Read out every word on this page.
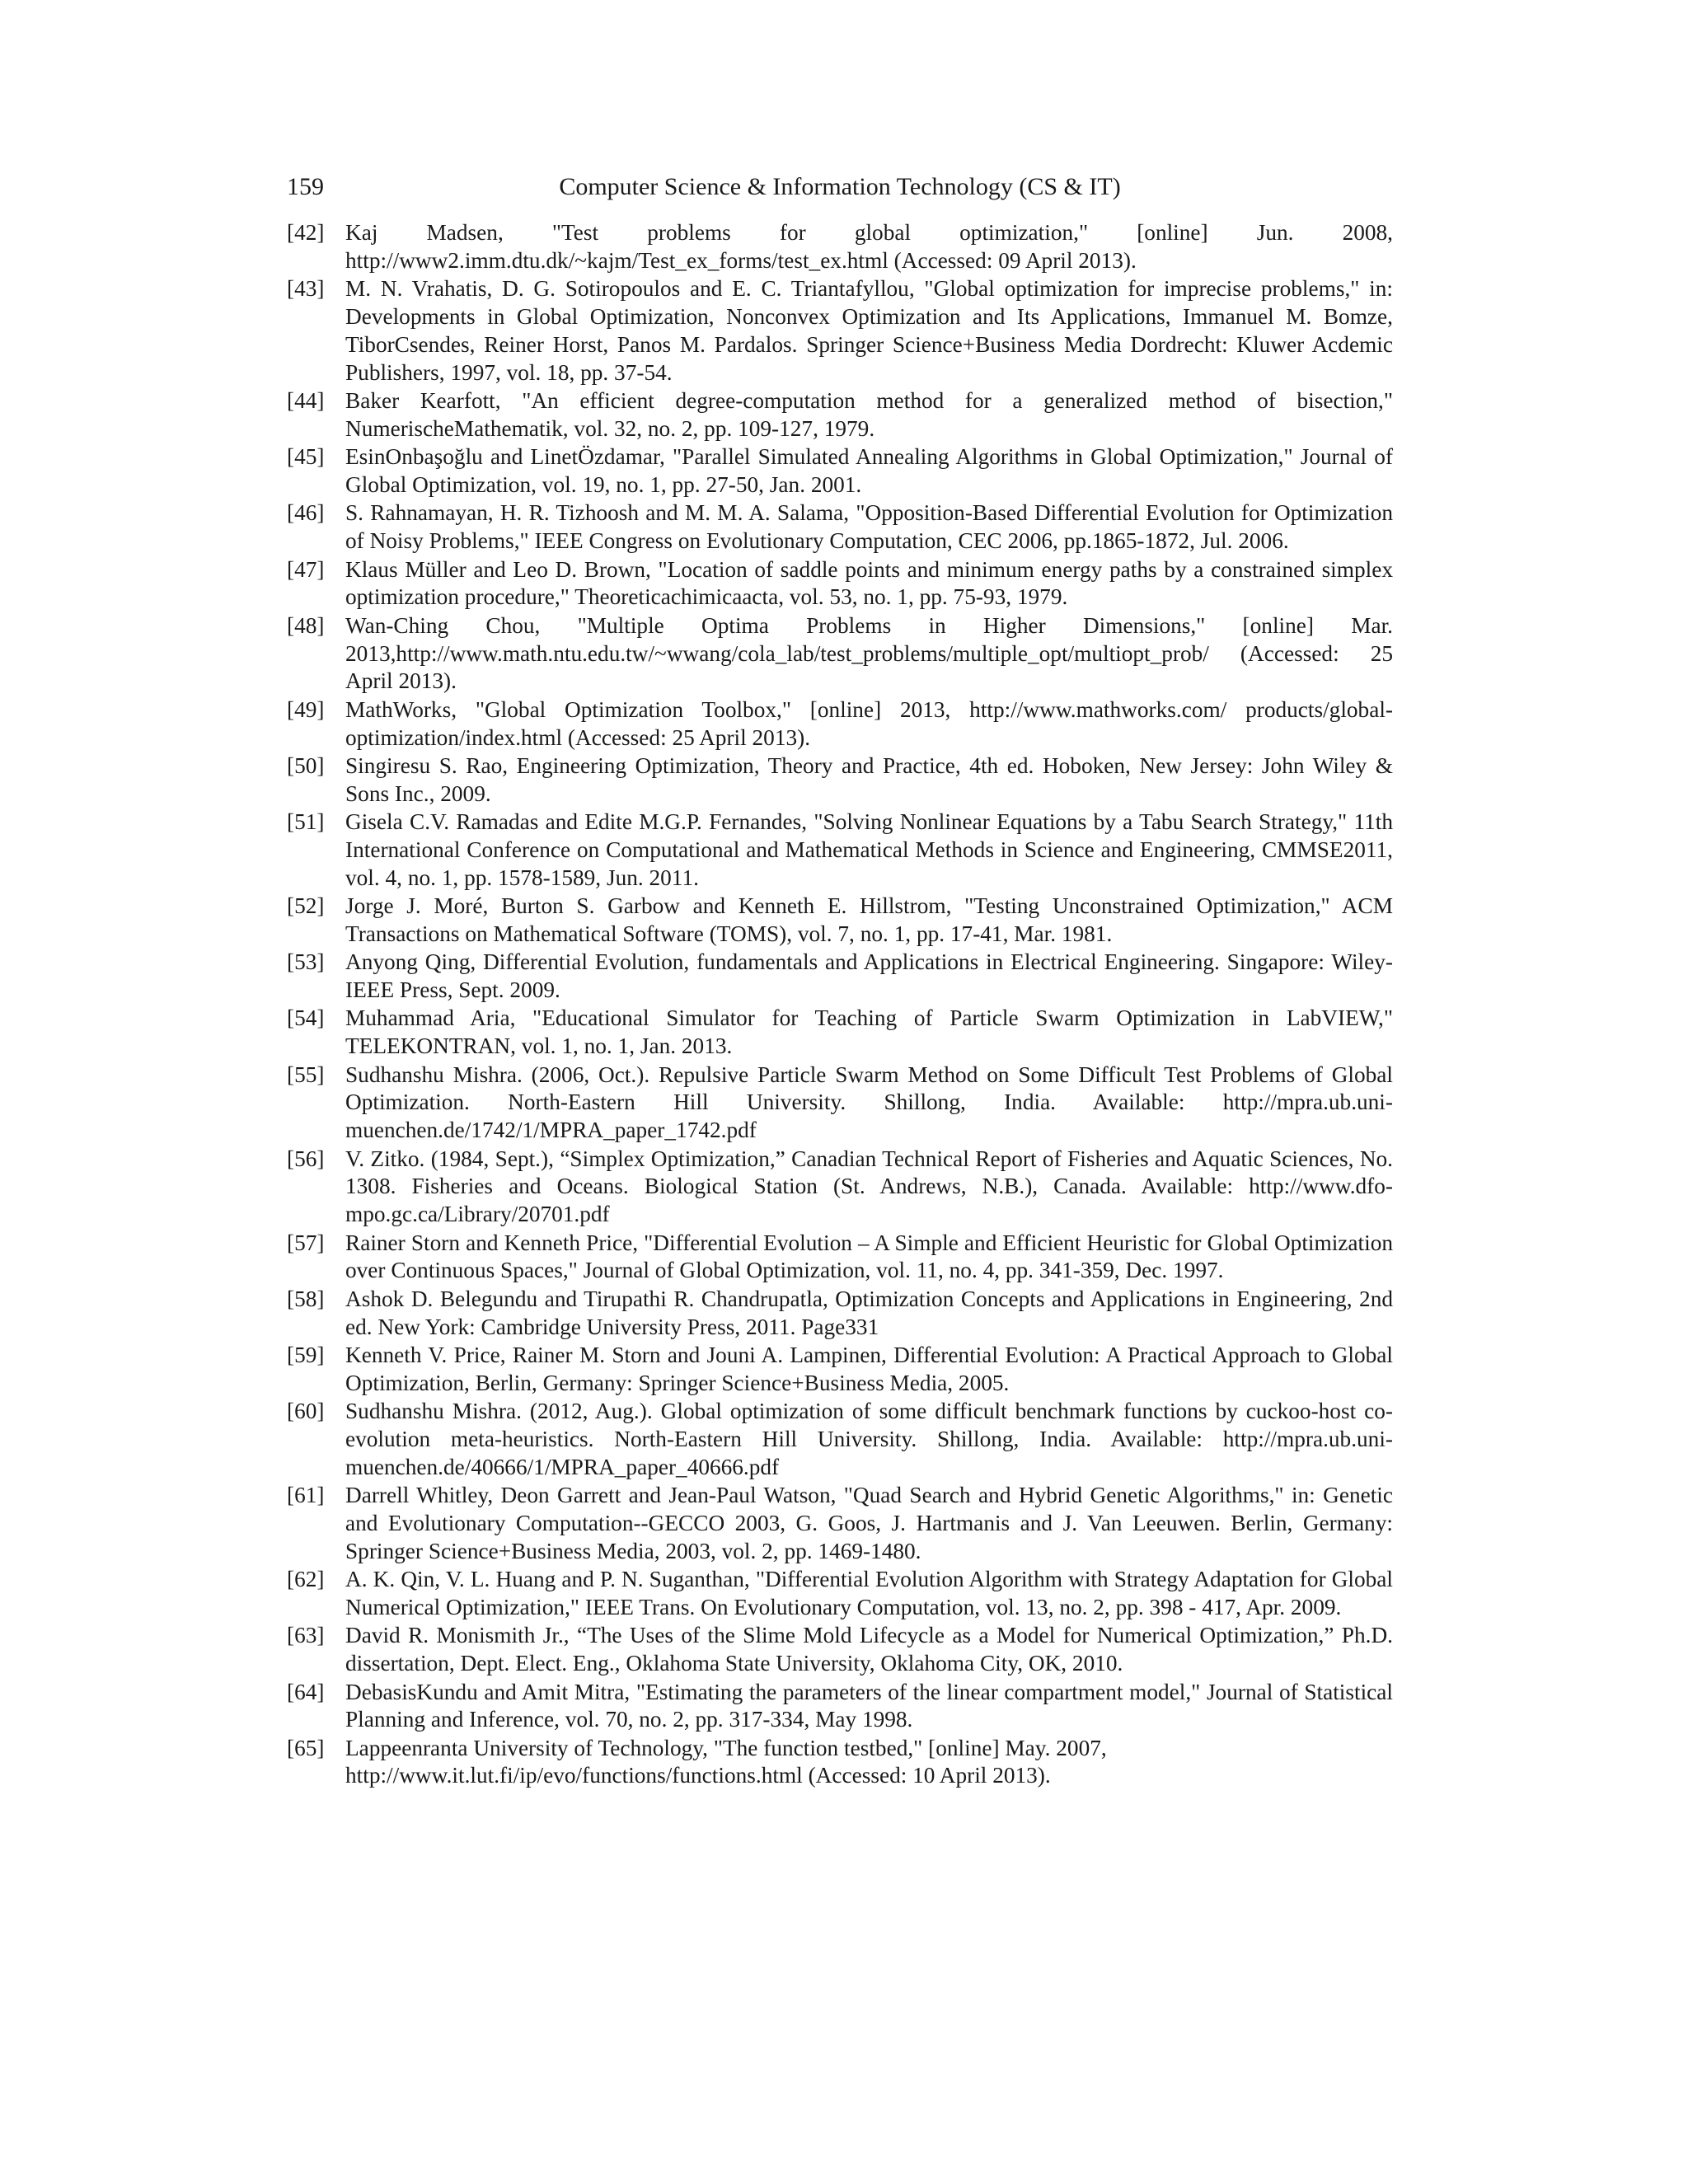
159	Computer Science & Information Technology (CS & IT)
[42] Kaj Madsen, "Test problems for global optimization," [online] Jun. 2008, http://www2.imm.dtu.dk/~kajm/Test_ex_forms/test_ex.html (Accessed: 09 April 2013).
[43] M. N. Vrahatis, D. G. Sotiropoulos and E. C. Triantafyllou, "Global optimization for imprecise problems," in: Developments in Global Optimization, Nonconvex Optimization and Its Applications, Immanuel M. Bomze, TiborCsendes, Reiner Horst, Panos M. Pardalos. Springer Science+Business Media Dordrecht: Kluwer Acdemic Publishers, 1997, vol. 18, pp. 37-54.
[44] Baker Kearfott, "An efficient degree-computation method for a generalized method of bisection," NumerischeMathematik, vol. 32, no. 2, pp. 109-127, 1979.
[45] EsinOnbaşoğlu and LinetÖzdamar, "Parallel Simulated Annealing Algorithms in Global Optimization," Journal of Global Optimization, vol. 19, no. 1, pp. 27-50, Jan. 2001.
[46] S. Rahnamayan, H. R. Tizhoosh and M. M. A. Salama, "Opposition-Based Differential Evolution for Optimization of Noisy Problems," IEEE Congress on Evolutionary Computation, CEC 2006, pp.1865-1872, Jul. 2006.
[47] Klaus Müller and Leo D. Brown, "Location of saddle points and minimum energy paths by a constrained simplex optimization procedure," Theoreticachimicaacta, vol. 53, no. 1, pp. 75-93, 1979.
[48] Wan-Ching Chou, "Multiple Optima Problems in Higher Dimensions," [online] Mar. 2013,http://www.math.ntu.edu.tw/~wwang/cola_lab/test_problems/multiple_opt/multiopt_prob/ (Accessed: 25 April 2013).
[49] MathWorks, "Global Optimization Toolbox," [online] 2013, http://www.mathworks.com/ products/global-optimization/index.html (Accessed: 25 April 2013).
[50] Singiresu S. Rao, Engineering Optimization, Theory and Practice, 4th ed. Hoboken, New Jersey: John Wiley & Sons Inc., 2009.
[51] Gisela C.V. Ramadas and Edite M.G.P. Fernandes, "Solving Nonlinear Equations by a Tabu Search Strategy," 11th International Conference on Computational and Mathematical Methods in Science and Engineering, CMMSE2011, vol. 4, no. 1, pp. 1578-1589, Jun. 2011.
[52] Jorge J. Moré, Burton S. Garbow and Kenneth E. Hillstrom, "Testing Unconstrained Optimization," ACM Transactions on Mathematical Software (TOMS), vol. 7, no. 1, pp. 17-41, Mar. 1981.
[53] Anyong Qing, Differential Evolution, fundamentals and Applications in Electrical Engineering. Singapore: Wiley-IEEE Press, Sept. 2009.
[54] Muhammad Aria, "Educational Simulator for Teaching of Particle Swarm Optimization in LabVIEW," TELEKONTRAN, vol. 1, no. 1, Jan. 2013.
[55] Sudhanshu Mishra. (2006, Oct.). Repulsive Particle Swarm Method on Some Difficult Test Problems of Global Optimization. North-Eastern Hill University. Shillong, India. Available: http://mpra.ub.uni-muenchen.de/1742/1/MPRA_paper_1742.pdf
[56] V. Zitko. (1984, Sept.), “Simplex Optimization,” Canadian Technical Report of Fisheries and Aquatic Sciences, No. 1308. Fisheries and Oceans. Biological Station (St. Andrews, N.B.), Canada. Available: http://www.dfo-mpo.gc.ca/Library/20701.pdf
[57] Rainer Storn and Kenneth Price, "Differential Evolution – A Simple and Efficient Heuristic for Global Optimization over Continuous Spaces," Journal of Global Optimization, vol. 11, no. 4, pp. 341-359, Dec. 1997.
[58] Ashok D. Belegundu and Tirupathi R. Chandrupatla, Optimization Concepts and Applications in Engineering, 2nd ed. New York: Cambridge University Press, 2011. Page331
[59] Kenneth V. Price, Rainer M. Storn and Jouni A. Lampinen, Differential Evolution: A Practical Approach to Global Optimization, Berlin, Germany: Springer Science+Business Media, 2005.
[60] Sudhanshu Mishra. (2012, Aug.). Global optimization of some difficult benchmark functions by cuckoo-host co-evolution meta-heuristics. North-Eastern Hill University. Shillong, India. Available: http://mpra.ub.uni-muenchen.de/40666/1/MPRA_paper_40666.pdf
[61] Darrell Whitley, Deon Garrett and Jean-Paul Watson, "Quad Search and Hybrid Genetic Algorithms," in: Genetic and Evolutionary Computation--GECCO 2003, G. Goos, J. Hartmanis and J. Van Leeuwen. Berlin, Germany: Springer Science+Business Media, 2003, vol. 2, pp. 1469-1480.
[62] A. K. Qin, V. L. Huang and P. N. Suganthan, "Differential Evolution Algorithm with Strategy Adaptation for Global Numerical Optimization," IEEE Trans. On Evolutionary Computation, vol. 13, no. 2, pp. 398 - 417, Apr. 2009.
[63] David R. Monismith Jr., “The Uses of the Slime Mold Lifecycle as a Model for Numerical Optimization,” Ph.D. dissertation, Dept. Elect. Eng., Oklahoma State University, Oklahoma City, OK, 2010.
[64] DebasisKundu and Amit Mitra, "Estimating the parameters of the linear compartment model," Journal of Statistical Planning and Inference, vol. 70, no. 2, pp. 317-334, May 1998.
[65] Lappeenranta University of Technology, "The function testbed," [online] May. 2007, http://www.it.lut.fi/ip/evo/functions/functions.html (Accessed: 10 April 2013).
